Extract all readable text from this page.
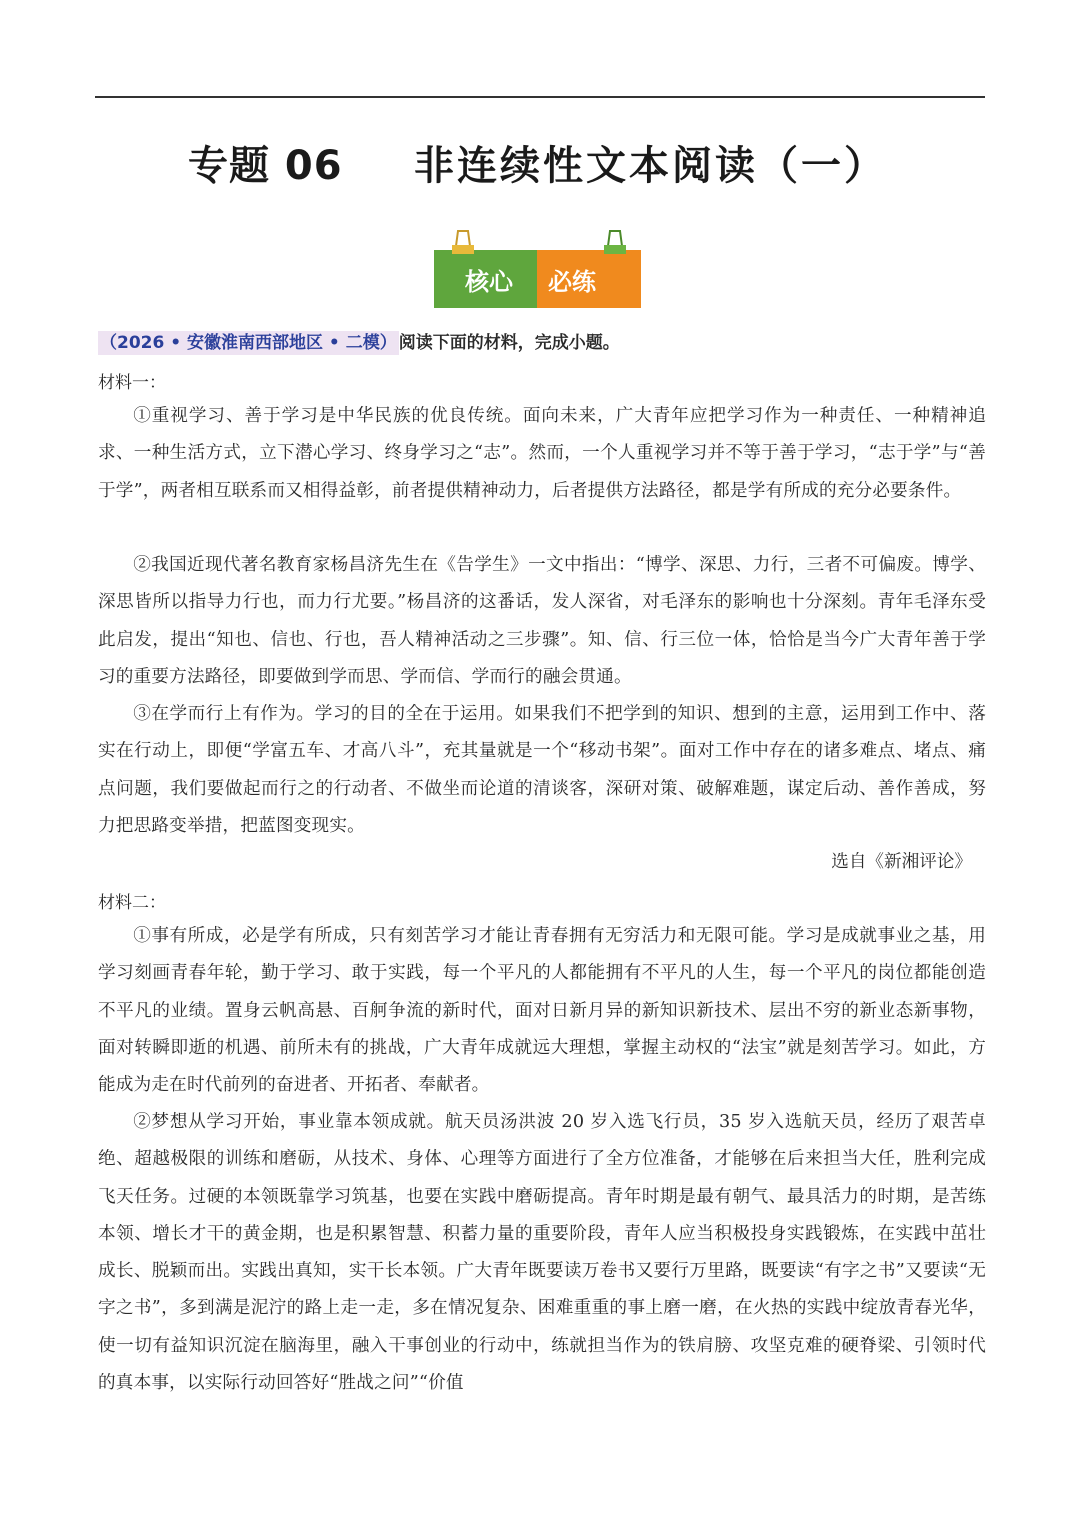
专题 06 非连续性文本阅读（一）
核心 必练
（2026 • 安徽淮南西部地区 • 二模） 阅读下面的材料，完成小题。
材料一：
①重视学习、善于学习是中华民族的优良传统。面向未来，广大青年应把学习作为一种责任、一种精神追求、一种生活方式，立下潜心学习、终身学习之“志”。然而，一个人重视学习并不等于善于学习，“志于学”与“善于学”，两者相互联系而又相得益彰，前者提供精神动力，后者提供方法路径，都是学有所成的充分必要条件。
②我国近现代著名教育家杨昌济先生在《告学生》一文中指出：“博学、深思、力行，三者不可偏废。博学、深思皆所以指导力行也，而力行尤要。”杨昌济的这番话，发人深省，对毛泽东的影响也十分深刻。青年毛泽东受此启发，提出“知也、信也、行也，吾人精神活动之三步骤”。知、信、行三位一体，恰恰是当今广大青年善于学习的重要方法路径，即要做到学而思、学而信、学而行的融会贯通。
③在学而行上有作为。学习的目的全在于运用。如果我们不把学到的知识、想到的主意，运用到工作中、落实在行动上，即便“学富五车、才高八斗”，充其量就是一个“移动书架”。面对工作中存在的诸多难点、堵点、痛点问题，我们要做起而行之的行动者、不做坐而论道的清谈客，深研对策、破解难题，谋定后动、善作善成，努力把思路变举措，把蓝图变现实。
选自《新湘评论》
材料二：
①事有所成，必是学有所成，只有刻苦学习才能让青春拥有无穷活力和无限可能。学习是成就事业之基，用学习刻画青春年轮，勤于学习、敢于实践，每一个平凡的人都能拥有不平凡的人生，每一个平凡的岗位都能创造不平凡的业绩。置身云帆高悬、百舸争流的新时代，面对日新月异的新知识新技术、层出不穷的新业态新事物，面对转瞬即逝的机遇、前所未有的挑战，广大青年成就远大理想，掌握主动权的“法宝”就是刻苦学习。如此，方能成为走在时代前列的奋进者、开拓者、奉献者。
②梦想从学习开始，事业靠本领成就。航天员汤洪波 20 岁入选飞行员，35 岁入选航天员，经历了艰苦卓绝、超越极限的训练和磨砺，从技术、身体、心理等方面进行了全方位准备，才能够在后来担当大任，胜利完成飞天任务。过硬的本领既靠学习筑基，也要在实践中磨砺提高。青年时期是最有朝气、最具活力的时期，是苦练本领、增长才干的黄金期，也是积累智慧、积蓄力量的重要阶段，青年人应当积极投身实践锻炼，在实践中茁壮成长、脱颖而出。实践出真知，实干长本领。广大青年既要读万卷书又要行万里路，既要读“有字之书”又要读“无字之书”，多到满是泥泞的路上走一走，多在情况复杂、困难重重的事上磨一磨，在火热的实践中绽放青春光华，使一切有益知识沉淀在脑海里，融入干事创业的行动中，练就担当作为的铁肩膀、攻坚克难的硬脊梁、引领时代的真本事，以实际行动回答好“胜战之问”“价值
